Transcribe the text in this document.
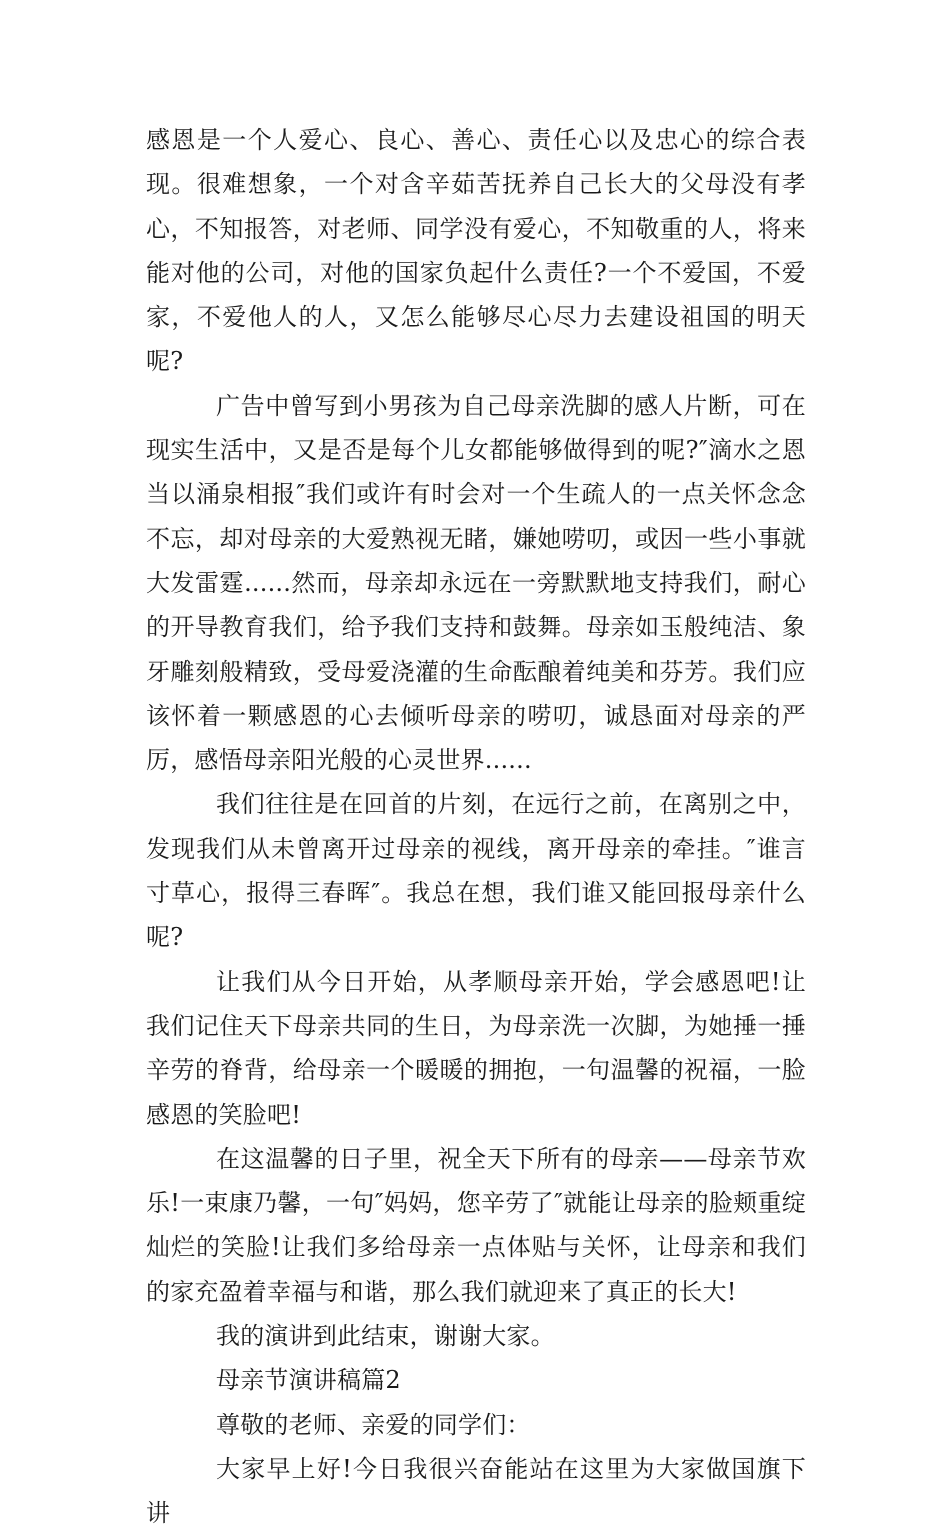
感恩是一个人爱心、良心、善心、责任心以及忠心的综合表现。很难想象，一个对含辛茹苦抚养自己长大的父母没有孝心，不知报答，对老师、同学没有爱心，不知敬重的人，将来能对他的公司，对他的国家负起什么责任?一个不爱国，不爱家，不爱他人的人，又怎么能够尽心尽力去建设祖国的明天呢?

广告中曾写到小男孩为自己母亲洗脚的感人片断，可在现实生活中，又是否是每个儿女都能够做得到的呢?″滴水之恩当以涌泉相报″我们或许有时会对一个生疏人的一点关怀念念不忘，却对母亲的大爱熟视无睹，嫌她唠叨，或因一些小事就大发雷霆......然而，母亲却永远在一旁默默地支持我们，耐心的开导教育我们，给予我们支持和鼓舞。母亲如玉般纯洁、象牙雕刻般精致，受母爱浇灌的生命酝酿着纯美和芬芳。我们应该怀着一颗感恩的心去倾听母亲的唠叨，诚恳面对母亲的严厉，感悟母亲阳光般的心灵世界......

我们往往是在回首的片刻，在远行之前，在离别之中，发现我们从未曾离开过母亲的视线，离开母亲的牵挂。″谁言寸草心，报得三春晖″。我总在想，我们谁又能回报母亲什么呢?

让我们从今日开始，从孝顺母亲开始，学会感恩吧!让我们记住天下母亲共同的生日，为母亲洗一次脚，为她捶一捶辛劳的脊背，给母亲一个暖暖的拥抱，一句温馨的祝福，一脸感恩的笑脸吧!

在这温馨的日子里，祝全天下所有的母亲——母亲节欢乐!一束康乃馨，一句″妈妈，您辛劳了″就能让母亲的脸颊重绽灿烂的笑脸!让我们多给母亲一点体贴与关怀，让母亲和我们的家充盈着幸福与和谐，那么我们就迎来了真正的长大!

我的演讲到此结束，谢谢大家。

母亲节演讲稿篇2

尊敬的老师、亲爱的同学们：

大家早上好!今日我很兴奋能站在这里为大家做国旗下讲
